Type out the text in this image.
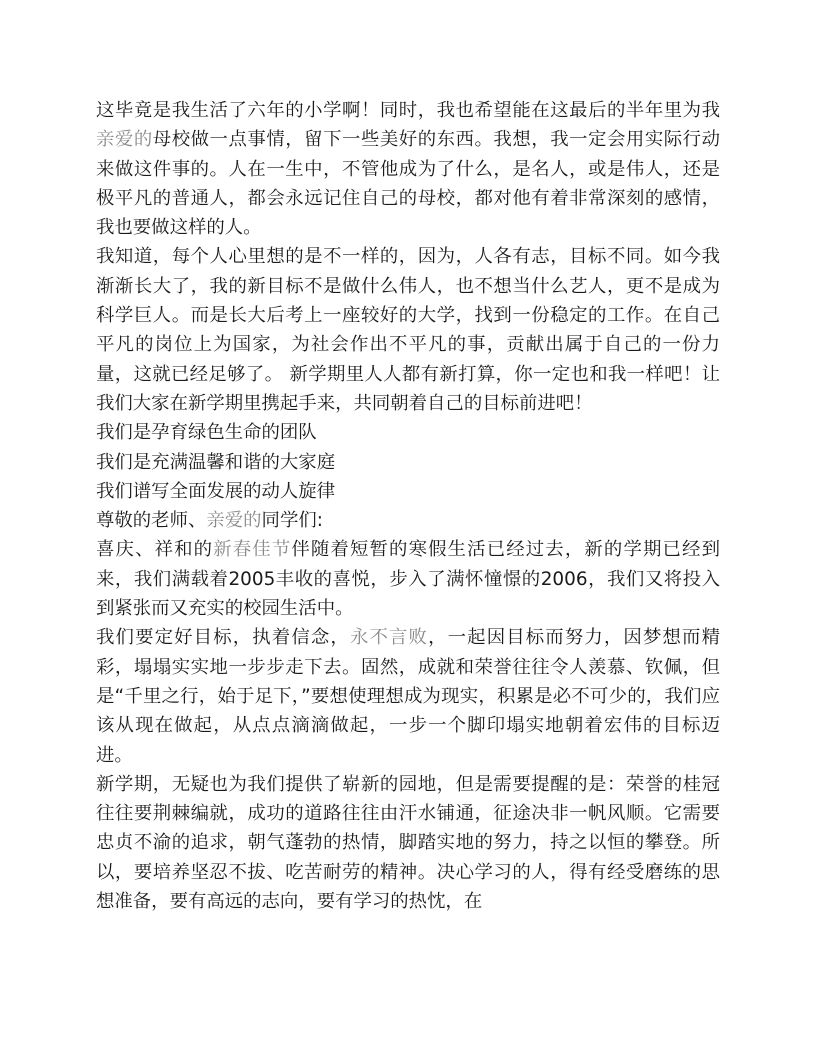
这毕竟是我生活了六年的小学啊！同时，我也希望能在这最后的半年里为我亲爱的母校做一点事情，留下一些美好的东西。我想，我一定会用实际行动来做这件事的。人在一生中，不管他成为了什么，是名人，或是伟人，还是极平凡的普通人，都会永远记住自己的母校，都对他有着非常深刻的感情，我也要做这样的人。

我知道，每个人心里想的是不一样的，因为，人各有志，目标不同。如今我渐渐长大了，我的新目标不是做什么伟人，也不想当什么艺人，更不是成为科学巨人。而是长大后考上一座较好的大学，找到一份稳定的工作。在自己平凡的岗位上为国家，为社会作出不平凡的事，贡献出属于自己的一份力量，这就已经足够了。 新学期里人人都有新打算，你一定也和我一样吧！让我们大家在新学期里携起手来，共同朝着自己的目标前进吧！

我们是孕育绿色生命的团队

我们是充满温馨和谐的大家庭

我们谱写全面发展的动人旋律

尊敬的老师、亲爱的同学们:

喜庆、祥和的新春佳节伴随着短暂的寒假生活已经过去，新的学期已经到来，我们满载着2005丰收的喜悦，步入了满怀憧憬的2006，我们又将投入到紧张而又充实的校园生活中。

我们要定好目标，执着信念，永不言败，一起因目标而努力，因梦想而精彩，塌塌实实地一步步走下去。固然，成就和荣誉往往令人羡慕、钦佩，但是“千里之行，始于足下，”要想使理想成为现实，积累是必不可少的，我们应该从现在做起，从点点滴滴做起，一步一个脚印塌实地朝着宏伟的目标迈进。

新学期，无疑也为我们提供了崭新的园地，但是需要提醒的是：荣誉的桂冠往往要荆棘编就，成功的道路往往由汗水铺通，征途决非一帆风顺。它需要忠贞不渝的追求，朝气蓬勃的热情，脚踏实地的努力，持之以恒的攀登。所以，要培养坚忍不拔、吃苦耐劳的精神。决心学习的人，得有经受磨练的思想准备，要有高远的志向，要有学习的热忱，在
